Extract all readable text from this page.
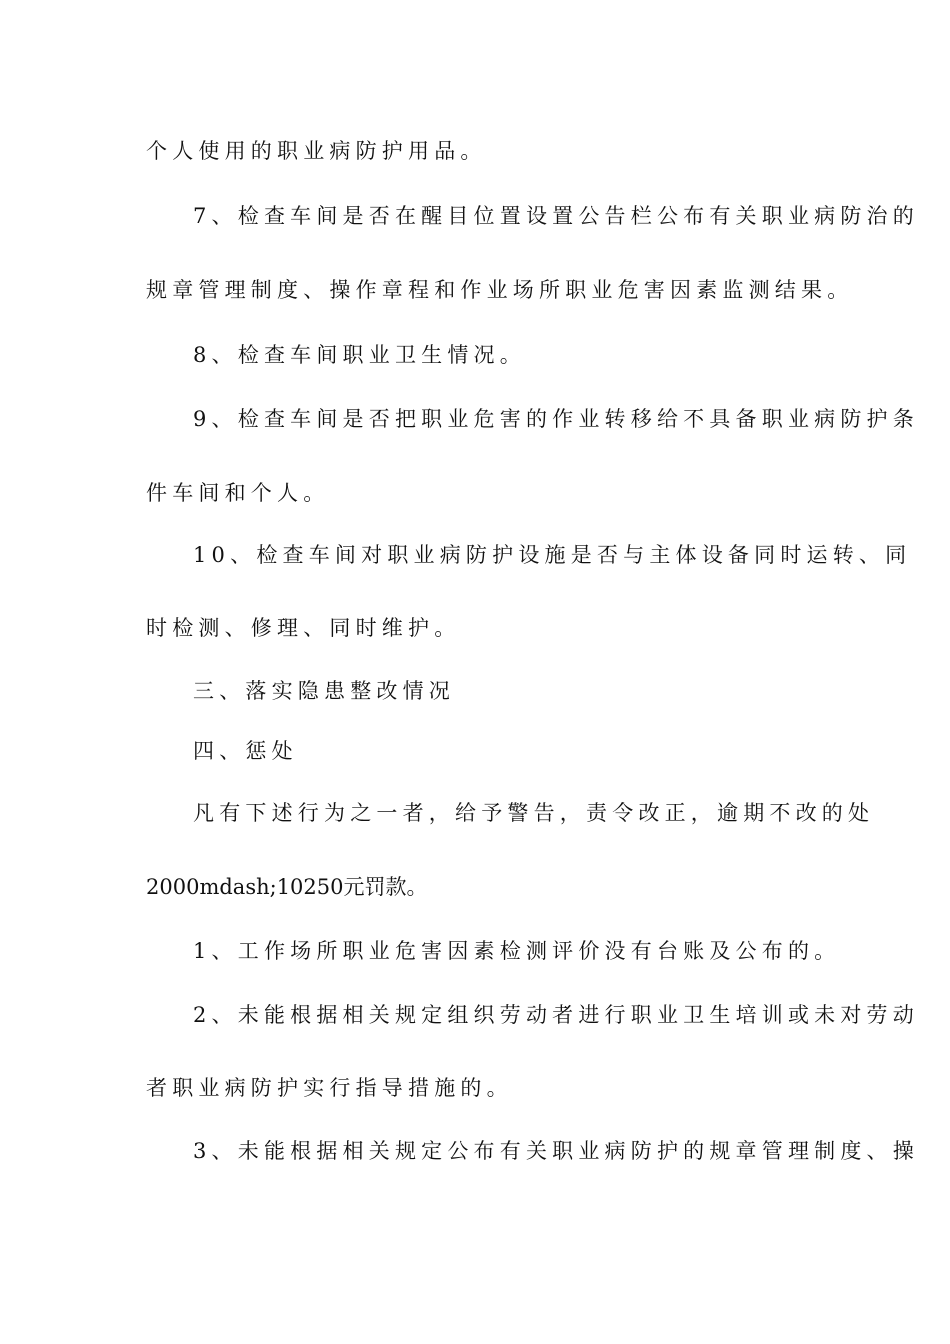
个人使用的职业病防护用品。
7、检查车间是否在醒目位置设置公告栏公布有关职业病防治的
规章管理制度、操作章程和作业场所职业危害因素监测结果。
8、检查车间职业卫生情况。
9、检查车间是否把职业危害的作业转移给不具备职业病防护条
件车间和个人。
10、检查车间对职业病防护设施是否与主体设备同时运转、同
时检测、修理、同时维护。
三、落实隐患整改情况
四、惩处
凡有下述行为之一者，给予警告，责令改正，逾期不改的处
2000mdash;10250元罚款。
1、工作场所职业危害因素检测评价没有台账及公布的。
2、未能根据相关规定组织劳动者进行职业卫生培训或未对劳动
者职业病防护实行指导措施的。
3、未能根据相关规定公布有关职业病防护的规章管理制度、操
